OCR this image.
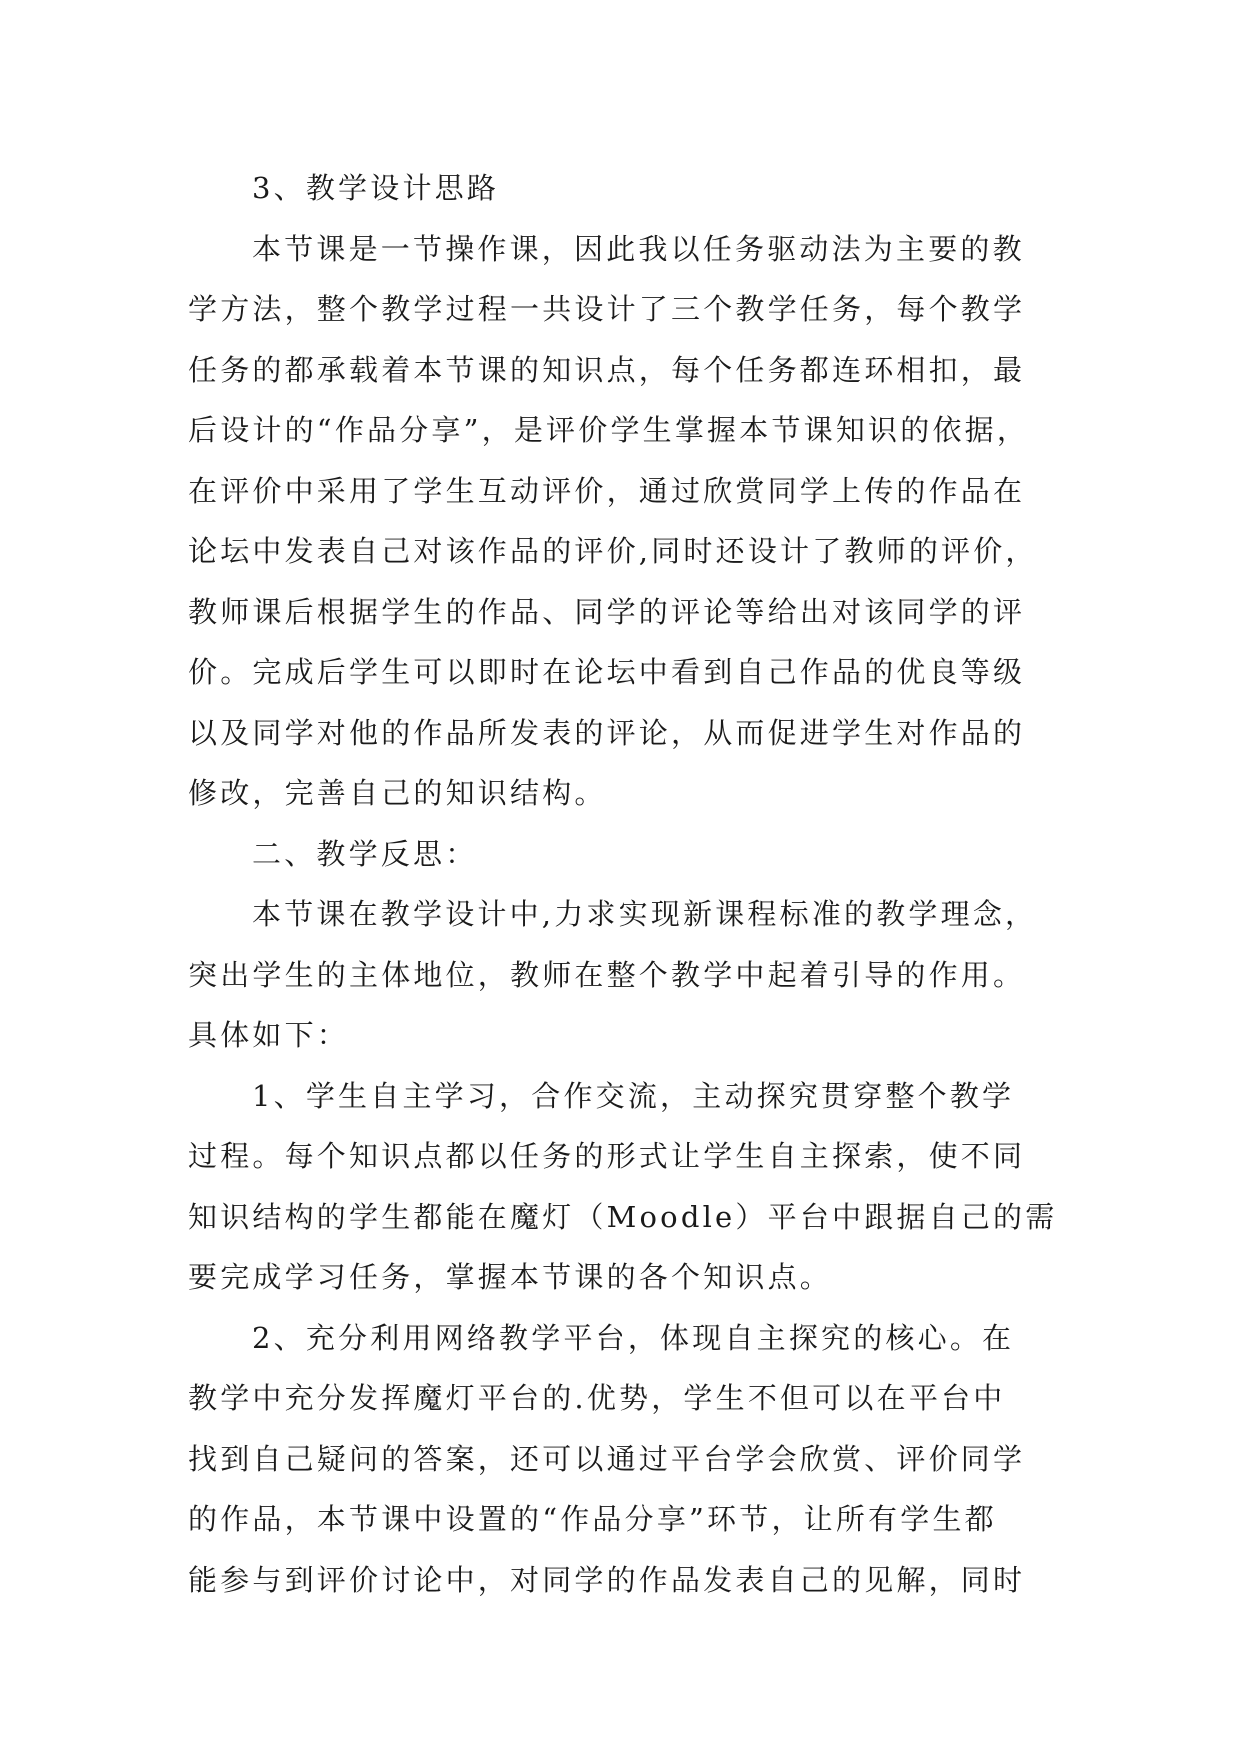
3、教学设计思路
本节课是一节操作课，因此我以任务驱动法为主要的教
学方法，整个教学过程一共设计了三个教学任务，每个教学
任务的都承载着本节课的知识点，每个任务都连环相扣，最
后设计的“作品分享”，是评价学生掌握本节课知识的依据，
在评价中采用了学生互动评价，通过欣赏同学上传的作品在
论坛中发表自己对该作品的评价,同时还设计了教师的评价，
教师课后根据学生的作品、同学的评论等给出对该同学的评
价。完成后学生可以即时在论坛中看到自己作品的优良等级
以及同学对他的作品所发表的评论，从而促进学生对作品的
修改，完善自己的知识结构。
二、教学反思：
本节课在教学设计中,力求实现新课程标准的教学理念，
突出学生的主体地位，教师在整个教学中起着引导的作用。
具体如下：
1、学生自主学习，合作交流，主动探究贯穿整个教学
过程。每个知识点都以任务的形式让学生自主探索，使不同
知识结构的学生都能在魔灯（Moodle）平台中跟据自己的需
要完成学习任务，掌握本节课的各个知识点。
2、充分利用网络教学平台，体现自主探究的核心。在
教学中充分发挥魔灯平台的.优势，学生不但可以在平台中
找到自己疑问的答案，还可以通过平台学会欣赏、评价同学
的作品，本节课中设置的“作品分享”环节，让所有学生都
能参与到评价讨论中，对同学的作品发表自己的见解，同时
